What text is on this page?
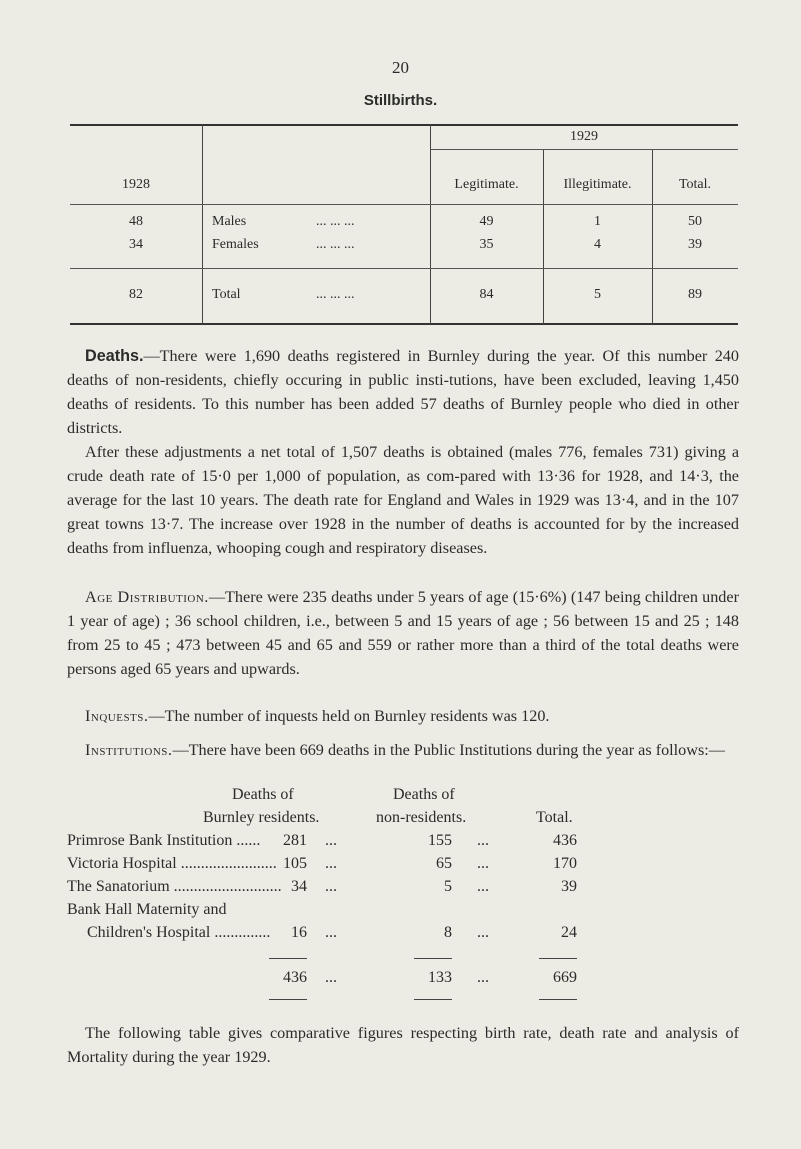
20
Stillbirths.
1929
1928	Legitimate.	Illegitimate.	Total.
48	Males	... ... ...	49	1	50
34	Females	... ... ...	35	4	39
82	Total	... ... ...	84	5	89
Deaths.—There were 1,690 deaths registered in Burnley during the year. Of this number 240 deaths of non-residents, chiefly occuring in public insti-tutions, have been excluded, leaving 1,450 deaths of residents. To this number has been added 57 deaths of Burnley people who died in other districts.
After these adjustments a net total of 1,507 deaths is obtained (males 776, females 731) giving a crude death rate of 15·0 per 1,000 of population, as com-pared with 13·36 for 1928, and 14·3, the average for the last 10 years. The death rate for England and Wales in 1929 was 13·4, and in the 107 great towns 13·7. The increase over 1928 in the number of deaths is accounted for by the increased deaths from influenza, whooping cough and respiratory diseases.
Age Distribution.—There were 235 deaths under 5 years of age (15·6%) (147 being children under 1 year of age) ; 36 school children, i.e., between 5 and 15 years of age ; 56 between 15 and 25 ; 148 from 25 to 45 ; 473 between 45 and 65 and 559 or rather more than a third of the total deaths were persons aged 65 years and upwards.
Inquests.—The number of inquests held on Burnley residents was 120.
Institutions.—There have been 669 deaths in the Public Institutions during the year as follows:—
Deaths of	Deaths of
Burnley residents.	non-residents.	Total.
Primrose Bank Institution ......	281 ...	155 ...	436
Victoria Hospital ........................ 105 ...	65 ...	170
The Sanatorium ........................... 34 ...	5 ...	39
Bank Hall Maternity and
Children's Hospital ..............	16 ...	8 ...	24
436 ...	133 ...	669
The following table gives comparative figures respecting birth rate, death rate and analysis of Mortality during the year 1929.
